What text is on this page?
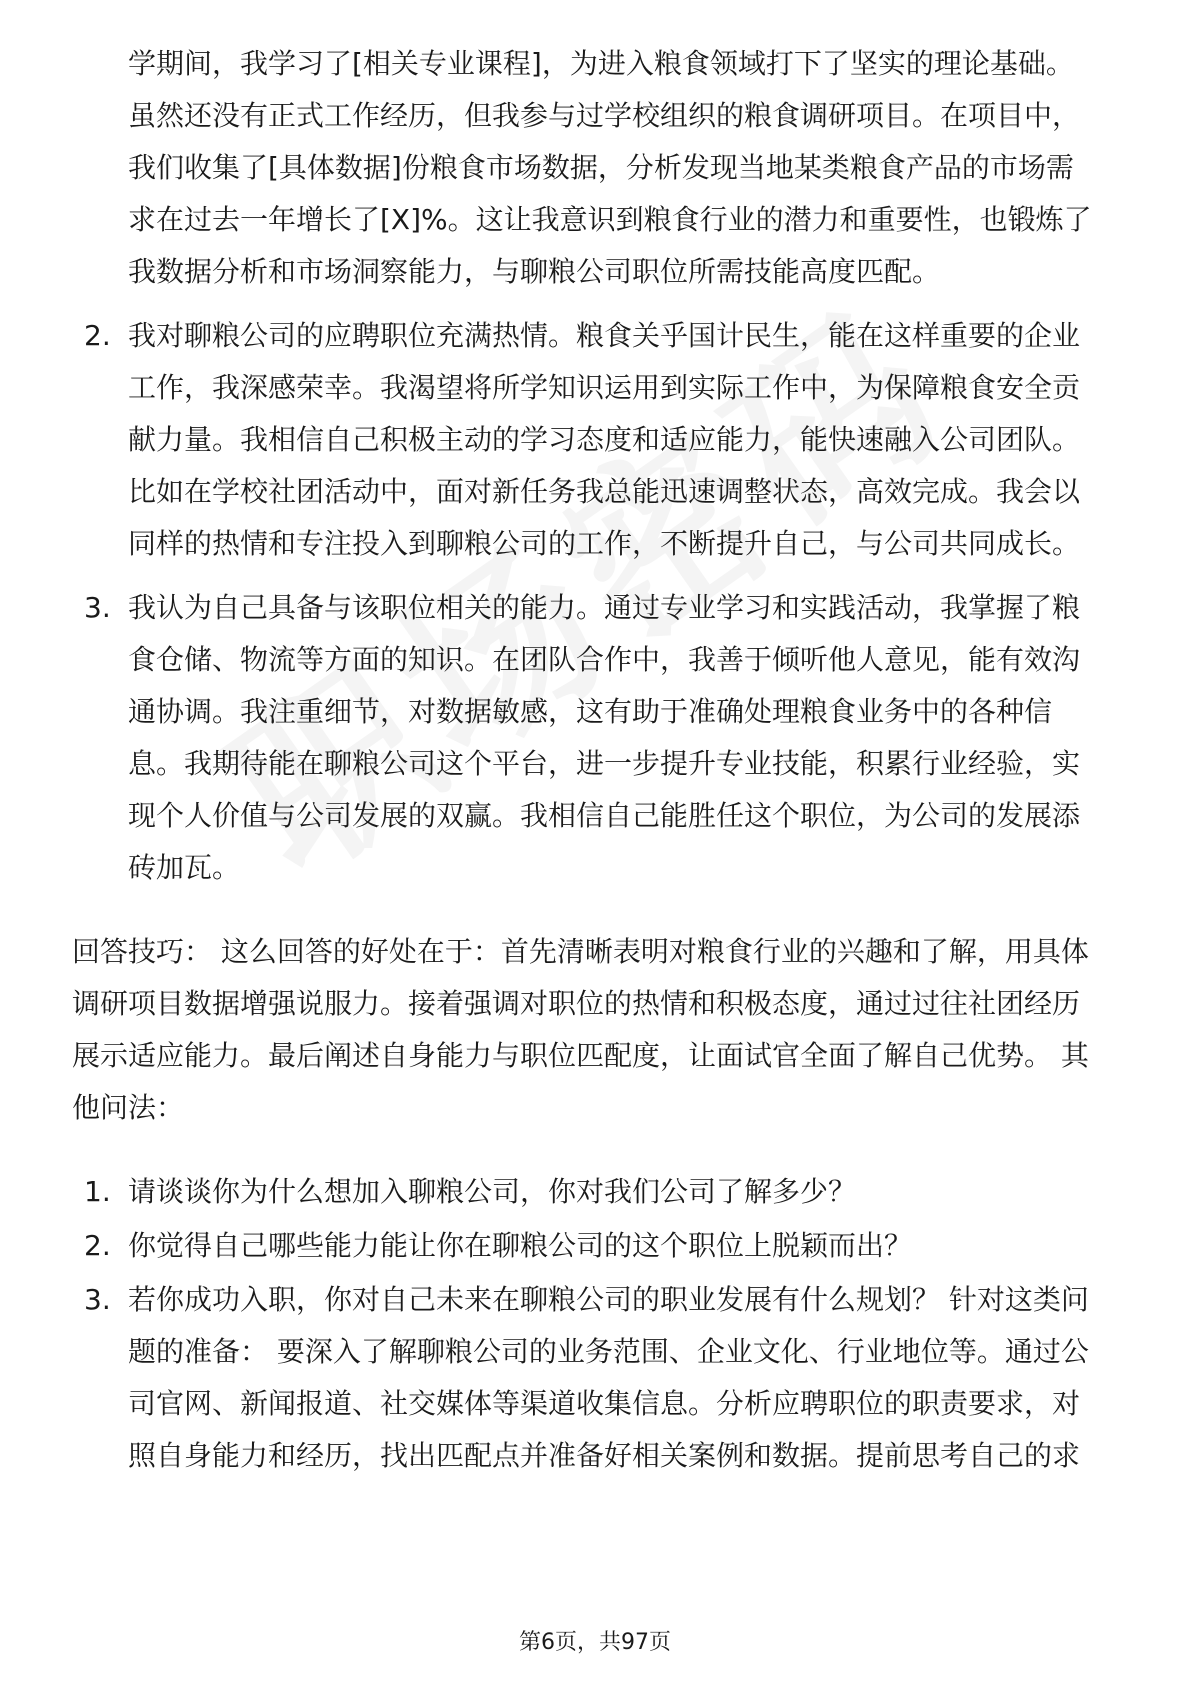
学期间，我学习了[相关专业课程]，为进入粮食领域打下了坚实的理论基础。
虽然还没有正式工作经历，但我参与过学校组织的粮食调研项目。在项目中，
我们收集了[具体数据]份粮食市场数据，分析发现当地某类粮食产品的市场需
求在过去一年增长了[X]%。这让我意识到粮食行业的潜力和重要性，也锻炼了
我数据分析和市场洞察能力，与聊粮公司职位所需技能高度匹配。
2. 我对聊粮公司的应聘职位充满热情。粮食关乎国计民生，能在这样重要的企业
工作，我深感荣幸。我渴望将所学知识运用到实际工作中，为保障粮食安全贡
献力量。我相信自己积极主动的学习态度和适应能力，能快速融入公司团队。
比如在学校社团活动中，面对新任务我总能迅速调整状态，高效完成。我会以
同样的热情和专注投入到聊粮公司的工作，不断提升自己，与公司共同成长。
3. 我认为自己具备与该职位相关的能力。通过专业学习和实践活动，我掌握了粮
食仓储、物流等方面的知识。在团队合作中，我善于倾听他人意见，能有效沟
通协调。我注重细节，对数据敏感，这有助于准确处理粮食业务中的各种信
息。我期待能在聊粮公司这个平台，进一步提升专业技能，积累行业经验，实
现个人价值与公司发展的双赢。我相信自己能胜任这个职位，为公司的发展添
砖加瓦。
回答技巧： 这么回答的好处在于：首先清晰表明对粮食行业的兴趣和了解，用具体
调研项目数据增强说服力。接着强调对职位的热情和积极态度，通过过往社团经历
展示适应能力。最后阐述自身能力与职位匹配度，让面试官全面了解自己优势。 其
他问法：
1. 请谈谈你为什么想加入聊粮公司，你对我们公司了解多少？
2. 你觉得自己哪些能力能让你在聊粮公司的这个职位上脱颖而出？
3. 若你成功入职，你对自己未来在聊粮公司的职业发展有什么规划？ 针对这类问
题的准备： 要深入了解聊粮公司的业务范围、企业文化、行业地位等。通过公
司官网、新闻报道、社交媒体等渠道收集信息。分析应聘职位的职责要求，对
照自身能力和经历，找出匹配点并准备好相关案例和数据。提前思考自己的求
第6页，共97页
